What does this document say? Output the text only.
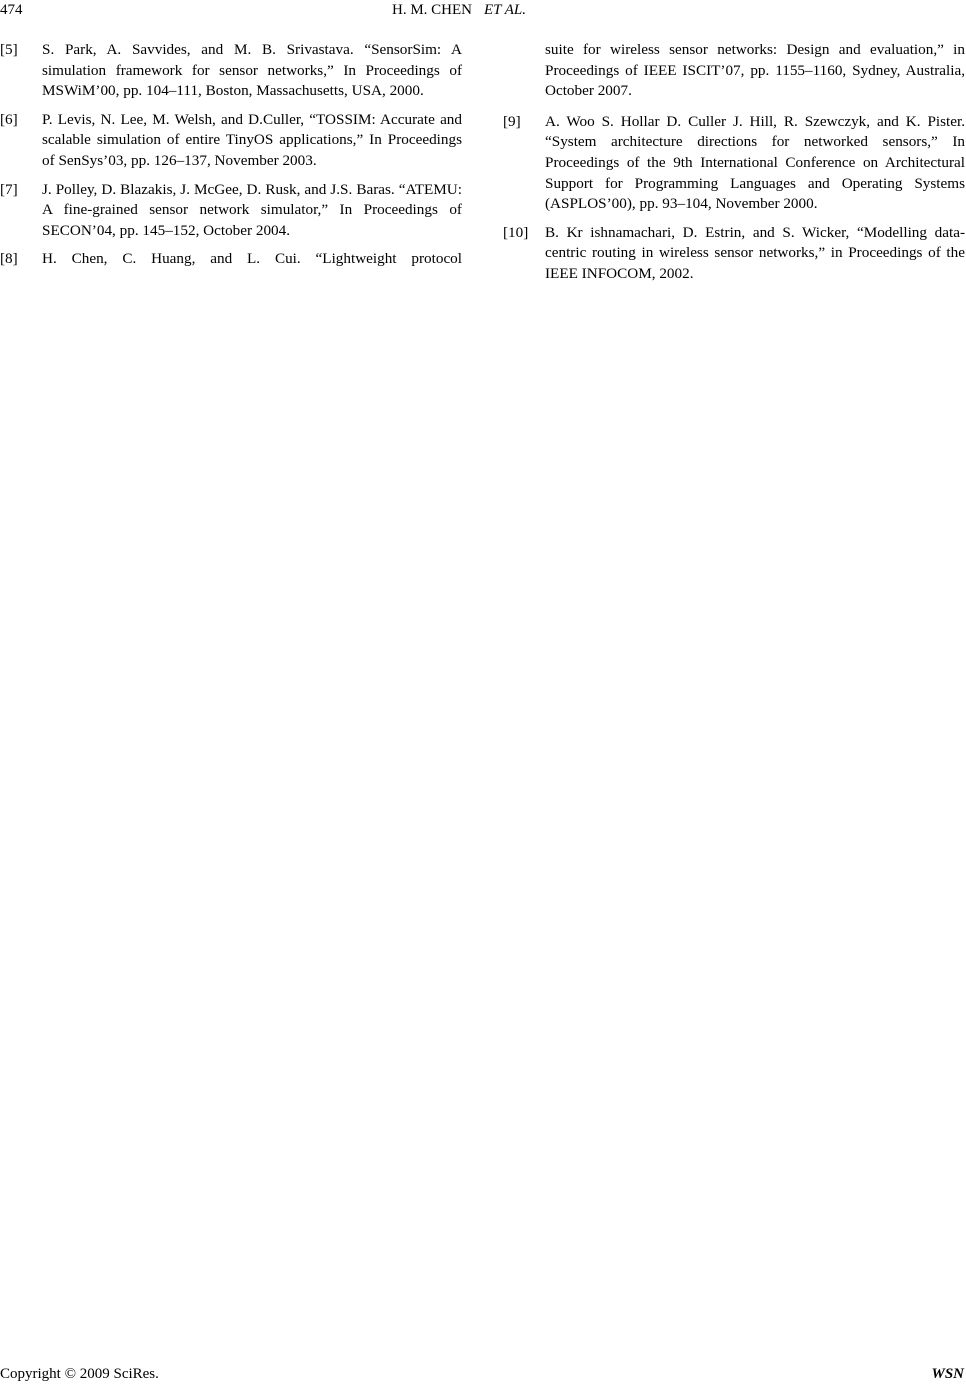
474	H. M. CHEN ET AL.
[5] S. Park, A. Savvides, and M. B. Srivastava. “SensorSim: A simulation framework for sensor networks,” In Proceedings of MSWiM’00, pp. 104–111, Boston, Massachusetts, USA, 2000.
[6] P. Levis, N. Lee, M. Welsh, and D.Culler, “TOSSIM: Accurate and scalable simulation of entire TinyOS applications,” In Proceedings of SenSys’03, pp. 126–137, November 2003.
[7] J. Polley, D. Blazakis, J. McGee, D. Rusk, and J.S. Baras. “ATEMU: A fine-grained sensor network simulator,” In Proceedings of SECON’04, pp. 145–152, October 2004.
[8] H. Chen, C. Huang, and L. Cui. “Lightweight protocol
suite for wireless sensor networks: Design and evaluation,” in Proceedings of IEEE ISCIT’07, pp. 1155–1160, Sydney, Australia, October 2007.
[9] A. Woo S. Hollar D. Culler J. Hill, R. Szewczyk, and K. Pister. “System architecture directions for networked sensors,” In Proceedings of the 9th International Conference on Architectural Support for Programming Languages and Operating Systems (ASPLOS’00), pp. 93–104, November 2000.
[10] B. Kr ishnamachari, D. Estrin, and S. Wicker, “Modelling data-centric routing in wireless sensor networks,” in Proceedings of the IEEE INFOCOM, 2002.
Copyright © 2009 SciRes.	WSN
